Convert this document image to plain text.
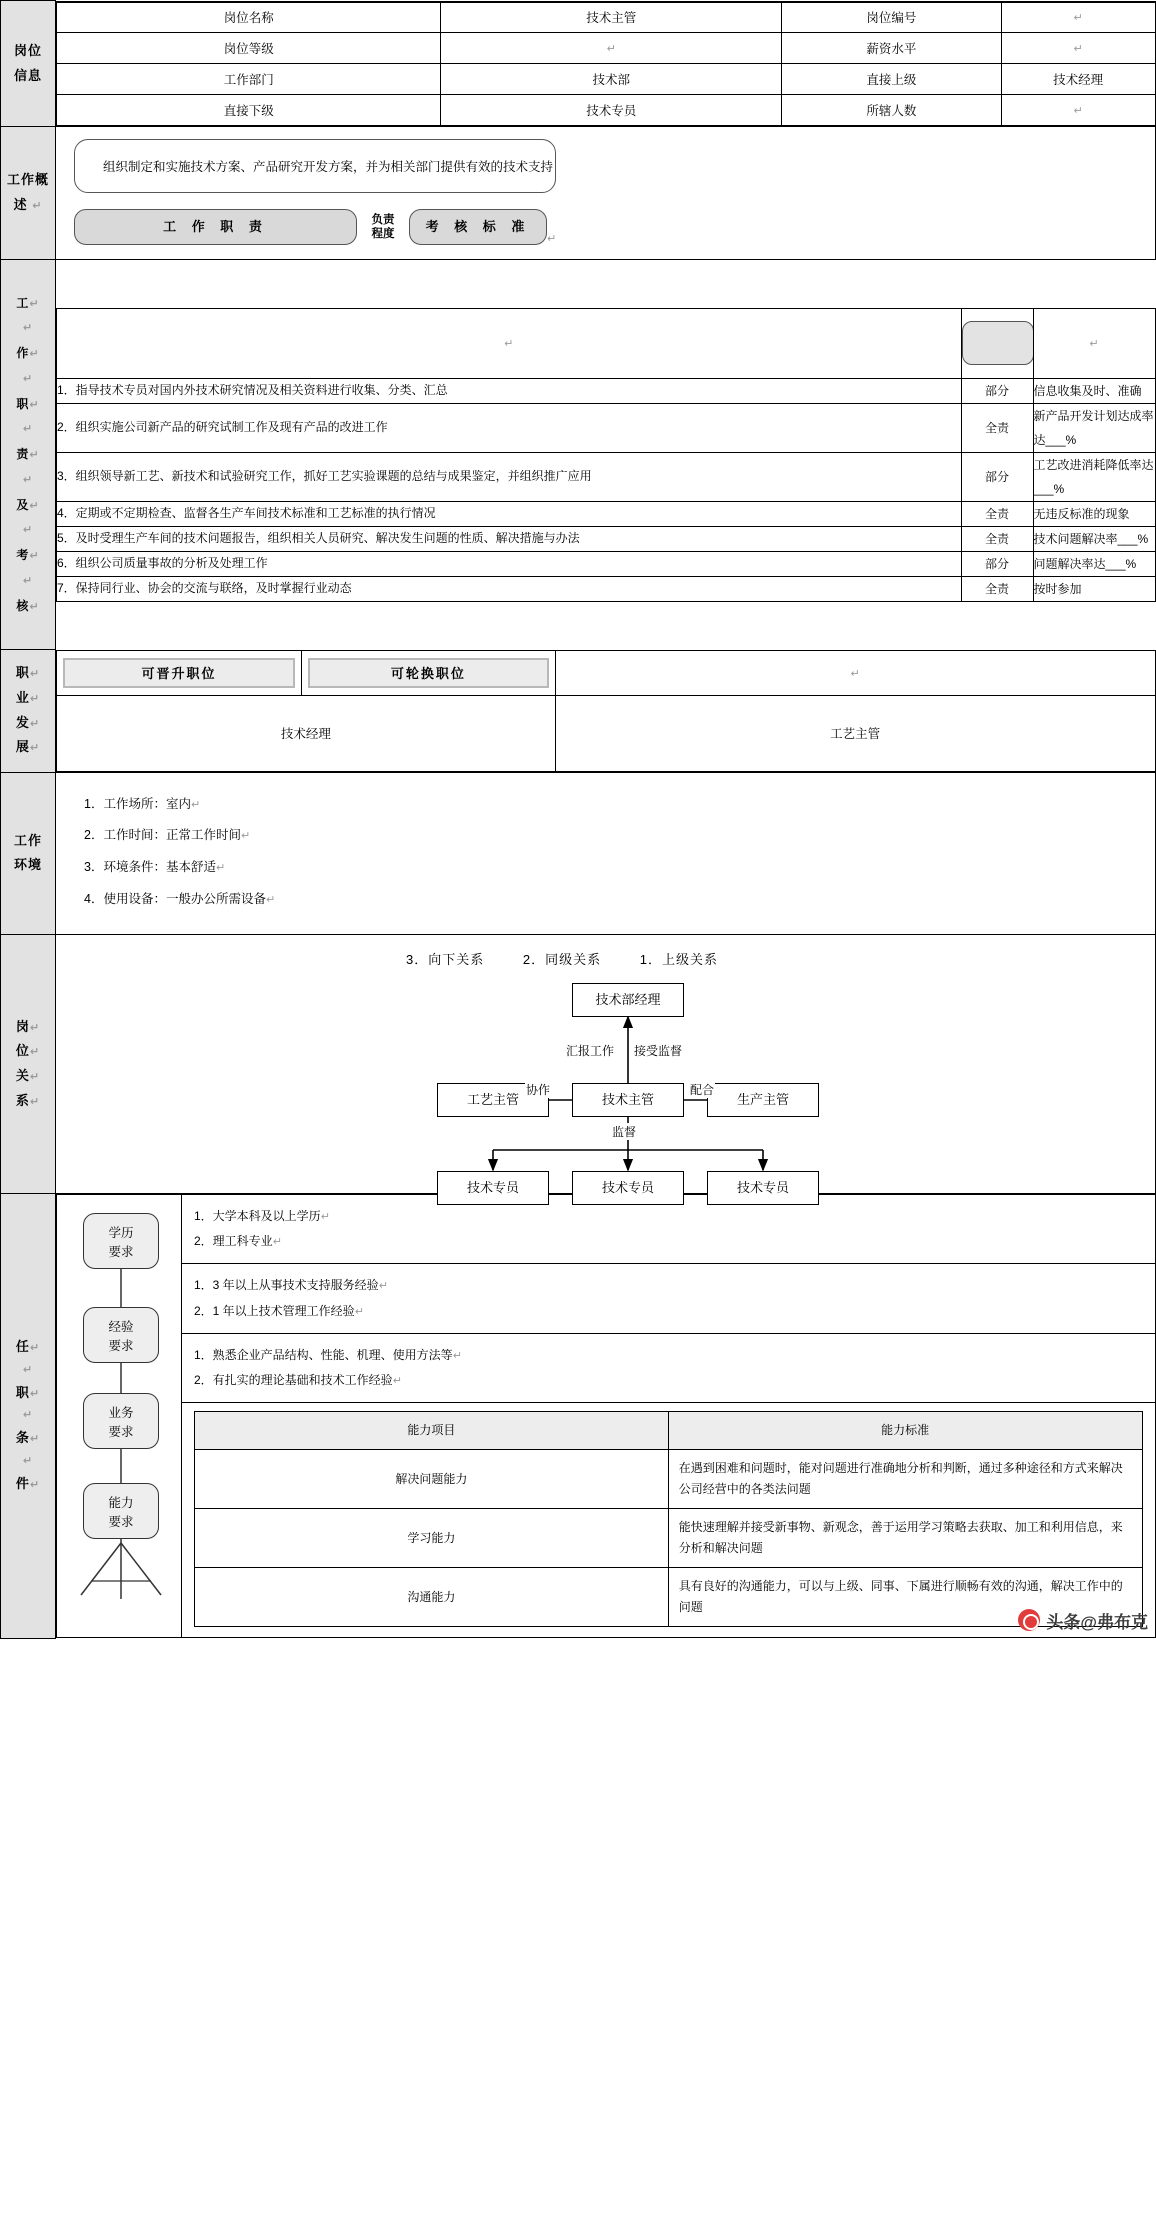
岗位
信息

岗位名称	技术主管	岗位编号	↵
岗位等级	↵	薪资水平	↵
工作部门	技术部	直接上级	技术经理
直接下级	技术专员	所辖人数	↵

工作概
述 ↵

组织制定和实施技术方案、产品研究开发方案，并为相关部门提供有效的技术支持
工 作 职 责	负责
程度	考 核 标 准
↵

工↵
↵
作↵
↵
职↵
↵
责↵
↵
及↵
↵
考↵
↵
核↵

↵		↵
1．指导技术专员对国内外技术研究情况及相关资料进行收集、分类、汇总	部分	信息收集及时、准确
2．组织实施公司新产品的研究试制工作及现有产品的改进工作	全责	新产品开发计划达成率达___%
3．组织领导新工艺、新技术和试验研究工作，抓好工艺实验课题的总结与成果鉴定，并组织推广应用	部分	工艺改进消耗降低率达___%
4．定期或不定期检查、监督各生产车间技术标准和工艺标准的执行情况	全责	无违反标准的现象
5．及时受理生产车间的技术问题报告，组织相关人员研究、解决发生问题的性质、解决措施与办法	全责	技术问题解决率___%
6．组织公司质量事故的分析及处理工作	部分	问题解决率达___%
7．保持同行业、协会的交流与联络，及时掌握行业动态	全责	按时参加

职↵
业↵
发↵
展↵

可晋升职位	可轮换职位	↵
技术经理	工艺主管

工作
环境

1．工作场所：室内↵
2．工作时间：正常工作时间↵
3．环境条件：基本舒适↵
4．使用设备：一般办公所需设备↵

岗↵
位↵
关↵
系↵

3．向下关系	2．同级关系	1．上级关系
技术部经理
工艺主管	技术主管	生产主管
技术专员	技术专员	技术专员
汇报工作 接受监督
协作	配合
监督

任↵
↵
职↵
↵
条↵
↵
件↵

学历
要求
经验
要求
业务
要求
能力
要求

1．大学本科及以上学历↵
2．理工科专业↵

1．3 年以上从事技术支持服务经验↵
2．1 年以上技术管理工作经验↵

1．熟悉企业产品结构、性能、机理、使用方法等↵
2．有扎实的理论基础和技术工作经验↵

能力项目	能力标准
解决问题能力	在遇到困难和问题时，能对问题进行准确地分析和判断，通过多种途径和方式来解决公司经营中的各类法问题
学习能力	能快速理解并接受新事物、新观念，善于运用学习策略去获取、加工和利用信息，来分析和解决问题
沟通能力	具有良好的沟通能力，可以与上级、同事、下属进行顺畅有效的沟通，解决工作中的问题
头条@弗布克
